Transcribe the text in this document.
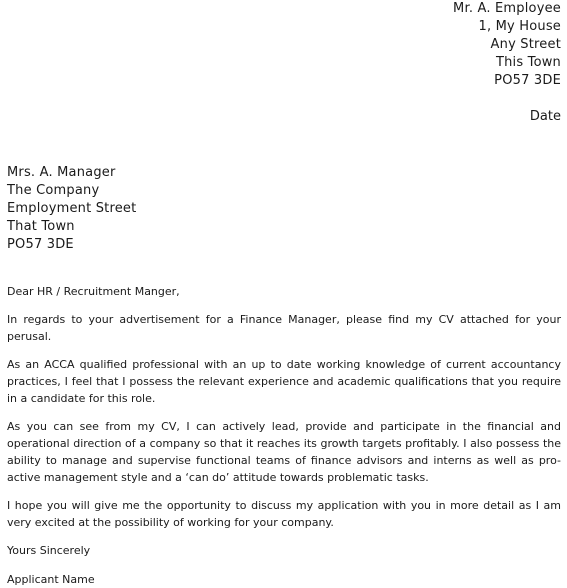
Mr. A. Employee
1, My House
Any Street
This Town
PO57 3DE
Date
Mrs. A. Manager
The Company
Employment Street
That Town
PO57 3DE

Dear HR / Recruitment Manger,

In regards to your advertisement for a Finance Manager, please find my CV attached for your perusal.

As an ACCA qualified professional with an up to date working knowledge of current accountancy practices, I feel that I possess the relevant experience and academic qualifications that you require in a candidate for this role.

As you can see from my CV, I can actively lead, provide and participate in the financial and operational direction of a company so that it reaches its growth targets profitably. I also possess the ability to manage and supervise functional teams of finance advisors and interns as well as pro-active management style and a ‘can do’ attitude towards problematic tasks.

I hope you will give me the opportunity to discuss my application with you in more detail as I am very excited at the possibility of working for your company.

Yours Sincerely

Applicant Name
